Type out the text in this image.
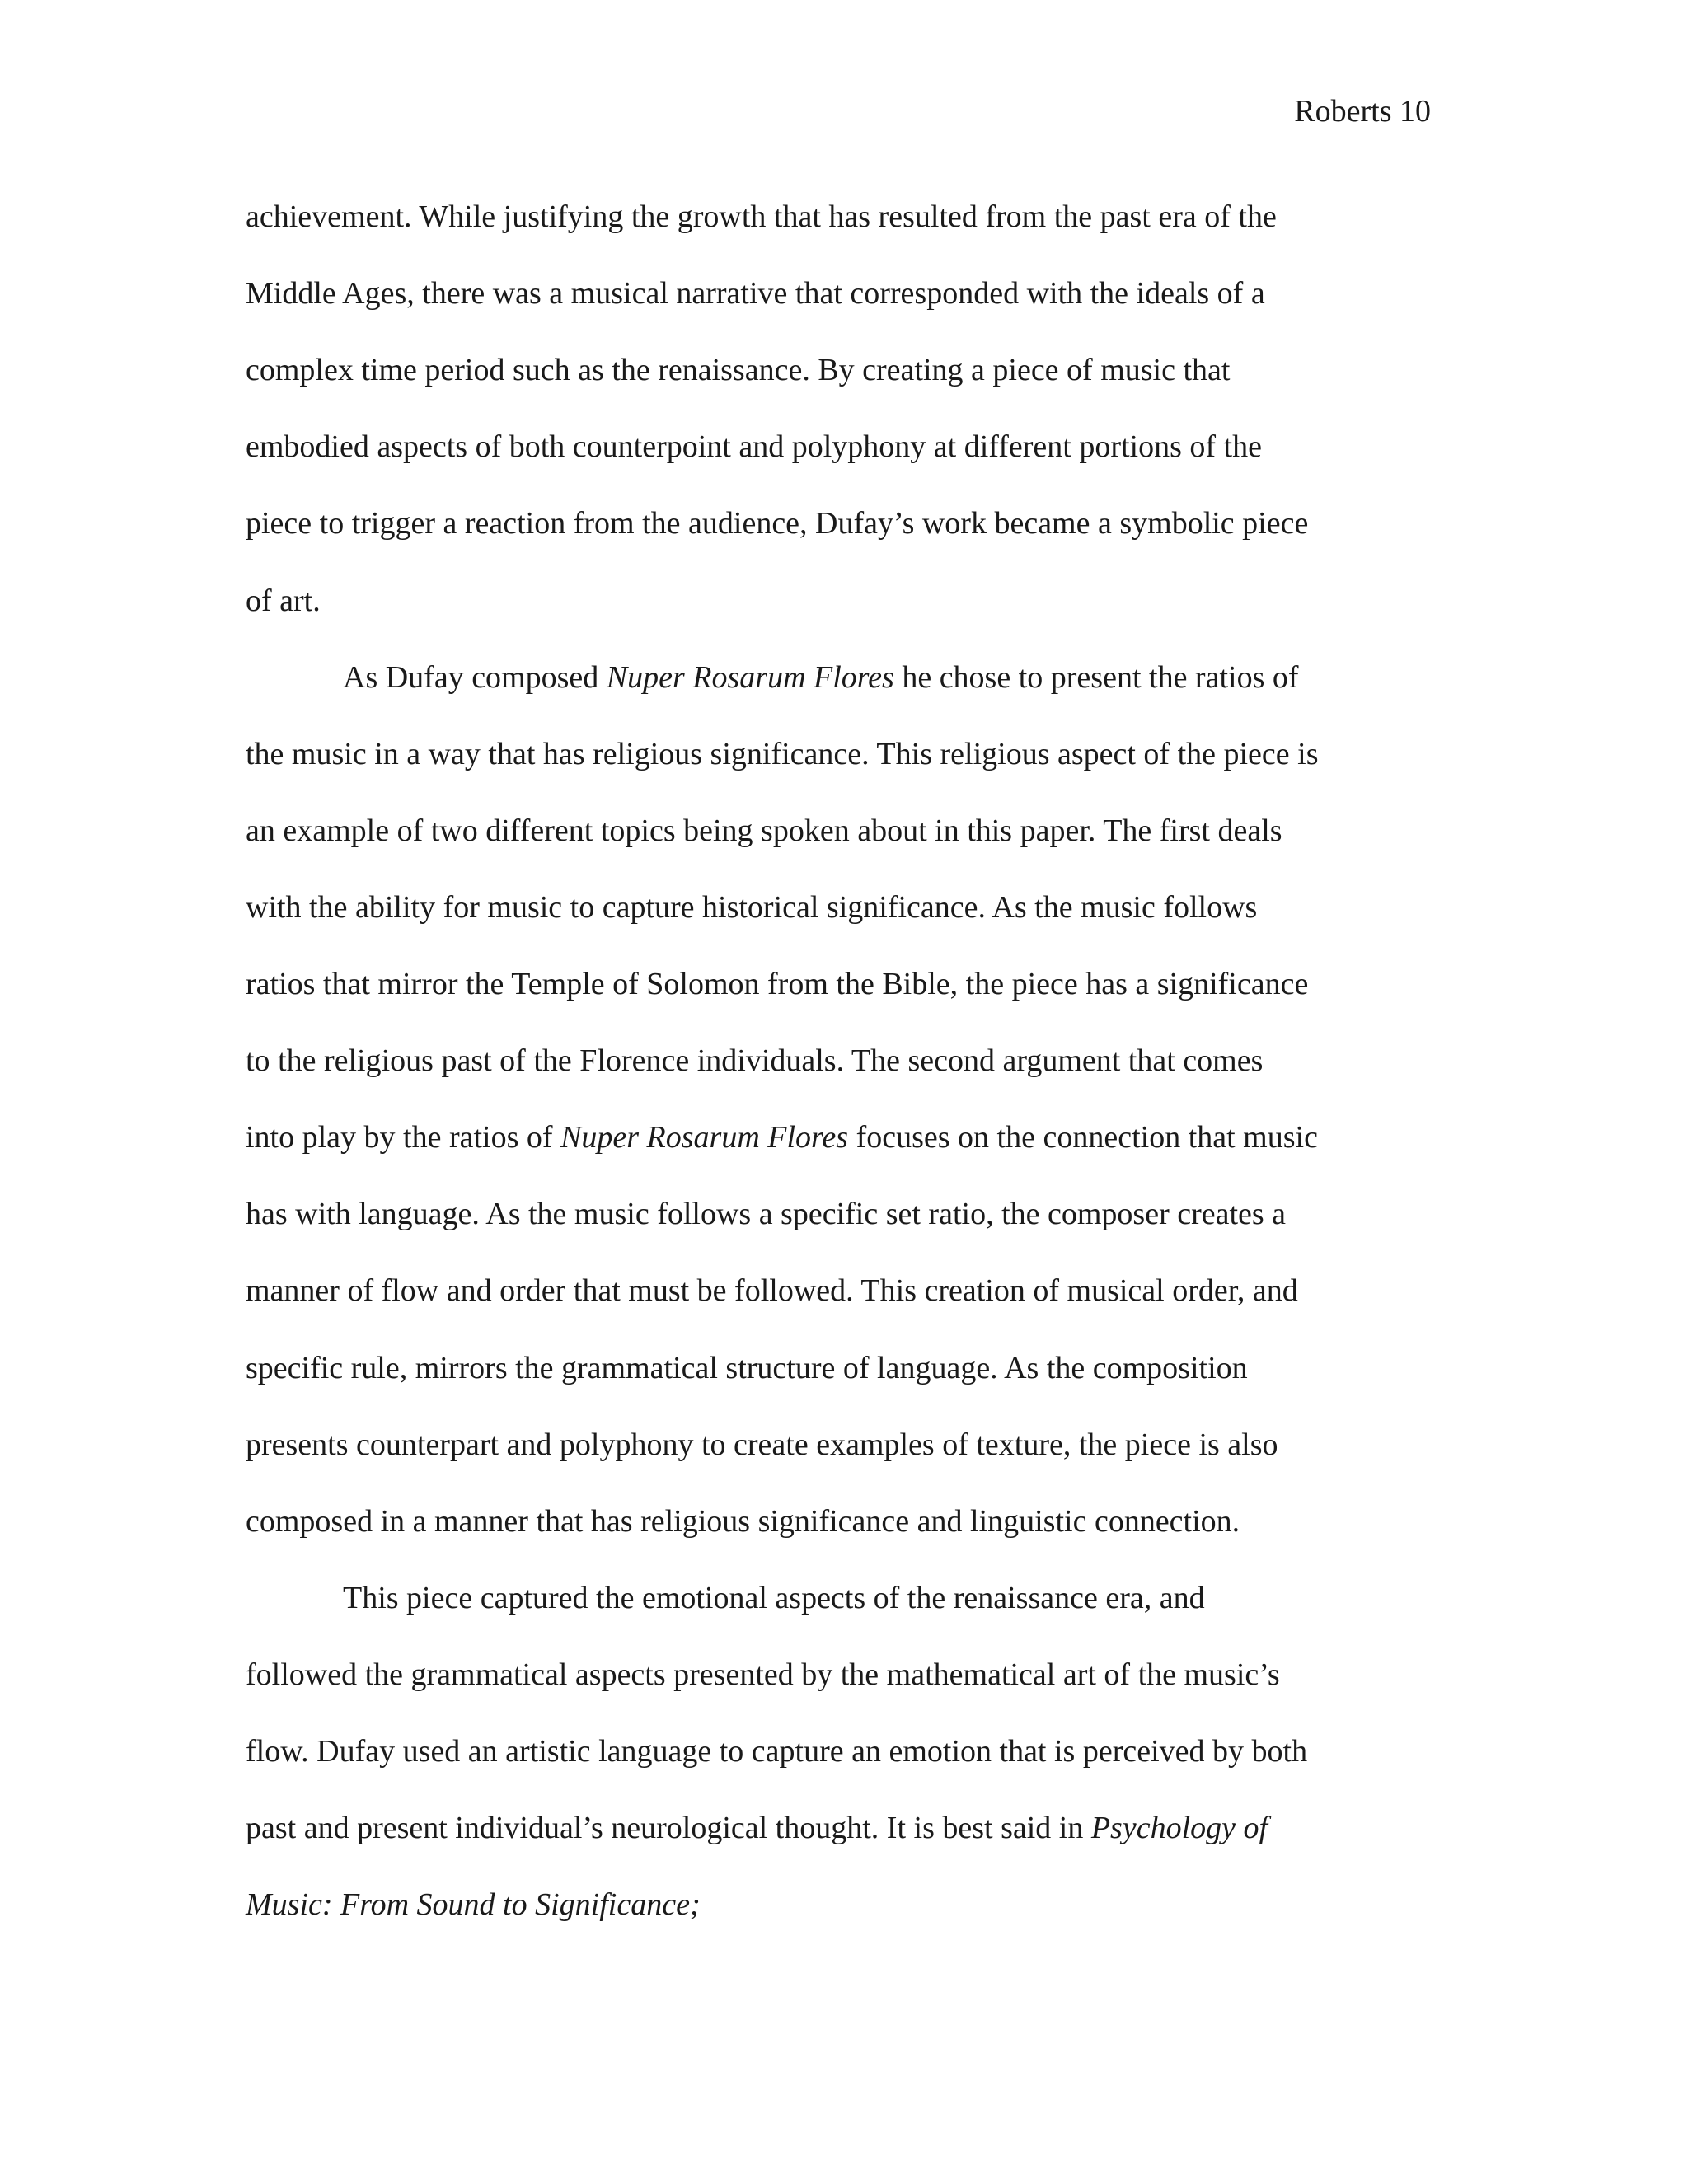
Roberts 10
achievement. While justifying the growth that has resulted from the past era of the
Middle Ages, there was a musical narrative that corresponded with the ideals of a
complex time period such as the renaissance. By creating a piece of music that
embodied aspects of both counterpoint and polyphony at different portions of the
piece to trigger a reaction from the audience, Dufay’s work became a symbolic piece
of art.
As Dufay composed Nuper Rosarum Flores he chose to present the ratios of
the music in a way that has religious significance. This religious aspect of the piece is
an example of two different topics being spoken about in this paper. The first deals
with the ability for music to capture historical significance. As the music follows
ratios that mirror the Temple of Solomon from the Bible, the piece has a significance
to the religious past of the Florence individuals. The second argument that comes
into play by the ratios of Nuper Rosarum Flores focuses on the connection that music
has with language. As the music follows a specific set ratio, the composer creates a
manner of flow and order that must be followed. This creation of musical order, and
specific rule, mirrors the grammatical structure of language. As the composition
presents counterpart and polyphony to create examples of texture, the piece is also
composed in a manner that has religious significance and linguistic connection.
This piece captured the emotional aspects of the renaissance era, and
followed the grammatical aspects presented by the mathematical art of the music’s
flow. Dufay used an artistic language to capture an emotion that is perceived by both
past and present individual’s neurological thought. It is best said in Psychology of
Music: From Sound to Significance;
